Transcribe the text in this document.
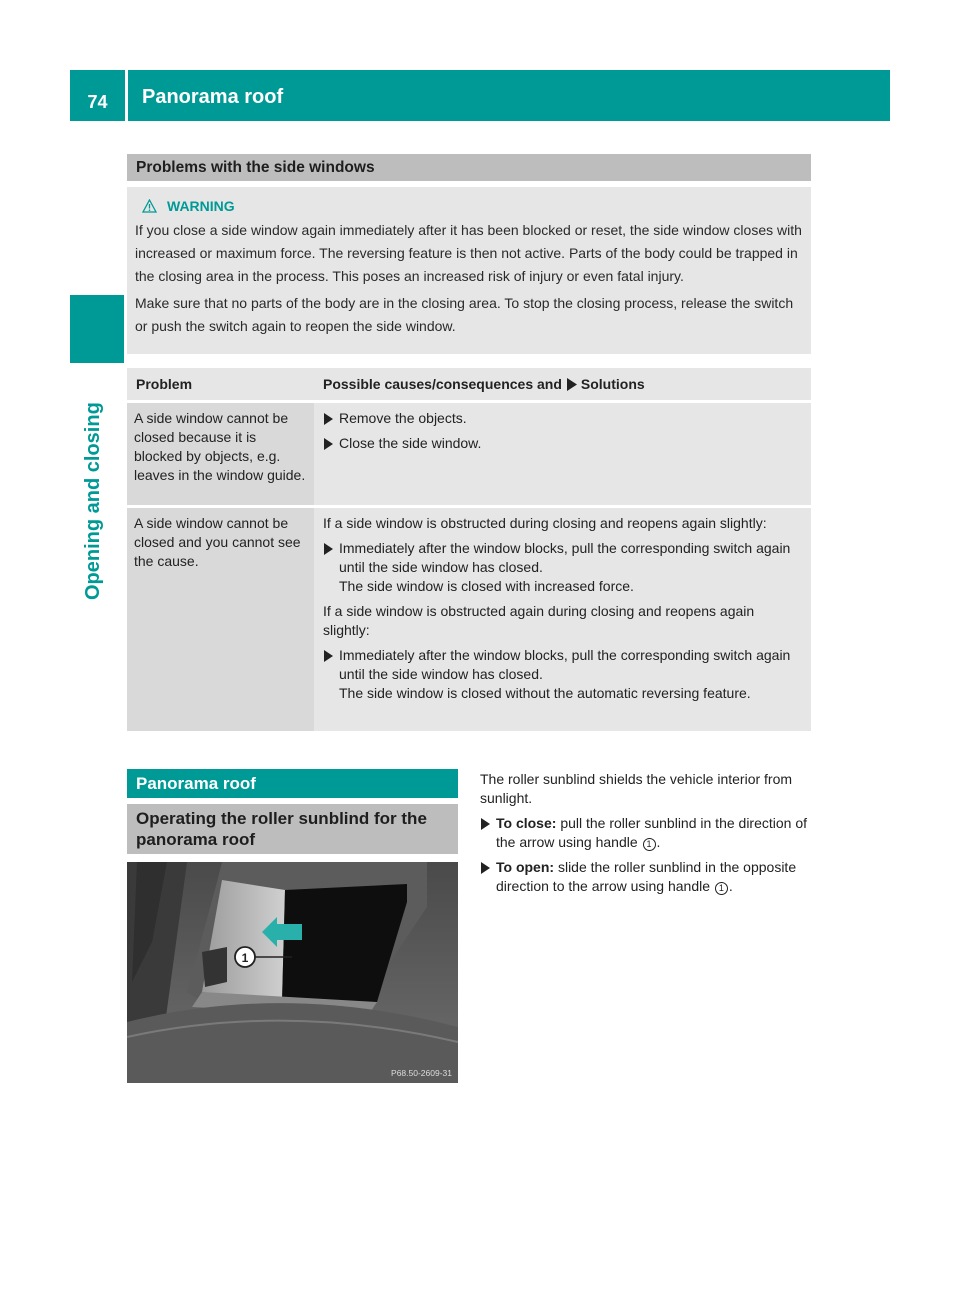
74	Panorama roof
Opening and closing
Problems with the side windows
WARNING

If you close a side window again immediately after it has been blocked or reset, the side window closes with increased or maximum force. The reversing feature is then not active. Parts of the body could be trapped in the closing area in the process. This poses an increased risk of injury or even fatal injury.

Make sure that no parts of the body are in the closing area. To stop the closing process, release the switch or push the switch again to reopen the side window.

Problem	Possible causes/consequences and Solutions
A side window cannot be closed because it is blocked by objects, e.g. leaves in the window guide.
Remove the objects.
Close the side window.
A side window cannot be closed and you cannot see the cause.

If a side window is obstructed during closing and reopens again slightly:

Immediately after the window blocks, pull the corresponding switch again until the side window has closed.
The side window is closed with increased force.

If a side window is obstructed again during closing and reopens again slightly:

Immediately after the window blocks, pull the corresponding switch again until the side window has closed.
The side window is closed without the automatic reversing feature.
Panorama roof
Operating the roller sunblind for the panorama roof
1
P68.50-2609-31

The roller sunblind shields the vehicle interior from sunlight.

To close: pull the roller sunblind in the direction of the arrow using handle 1 .
To open: slide the roller sunblind in the opposite direction to the arrow using handle 1 .
